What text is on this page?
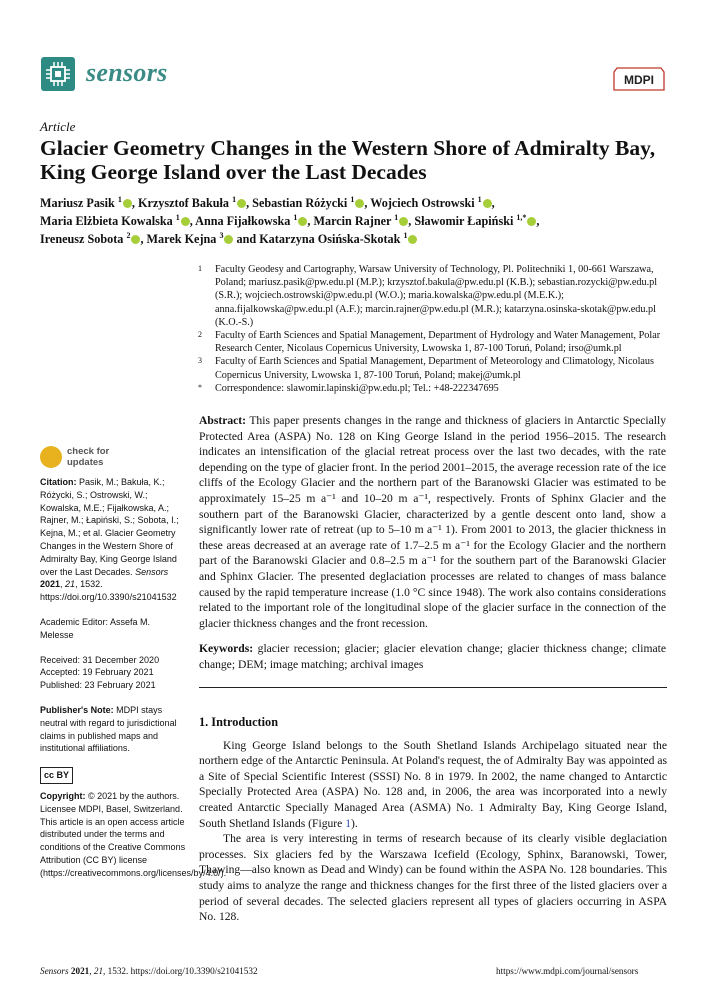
sensors	MDPI
Article
Glacier Geometry Changes in the Western Shore of Admiralty Bay, King George Island over the Last Decades
Mariusz Pasik $^1$ , Krzysztof Bakuła $^1$ , Sebastian Różycki $^1$ , Wojciech Ostrowski $^1$ ,
Maria Elżbieta Kowalska $^1$ , Anna Fijałkowska $^1$ , Marcin Rajner $^1$ , Sławomir Łapiński $^{1,*}$ ,
Ireneusz Sobota $^2$ , Marek Kejna $^3$ and Katarzyna Osińska-Skotak $^1$
1	Faculty Geodesy and Cartography, Warsaw University of Technology, Pl. Politechniki 1, 00-661 Warszawa, Poland; mariusz.pasik@pw.edu.pl (M.P.); krzysztof.bakula@pw.edu.pl (K.B.); sebastian.rozycki@pw.edu.pl (S.R.); wojciech.ostrowski@pw.edu.pl (W.O.); maria.kowalska@pw.edu.pl (M.E.K.); anna.fijalkowska@pw.edu.pl (A.F.); marcin.rajner@pw.edu.pl (M.R.); katarzyna.osinska-skotak@pw.edu.pl (K.O.-S.)
2	Faculty of Earth Sciences and Spatial Management, Department of Hydrology and Water Management, Polar Research Center, Nicolaus Copernicus University, Lwowska 1, 87-100 Toruń, Poland; irso@umk.pl
3	Faculty of Earth Sciences and Spatial Management, Department of Meteorology and Climatology, Nicolaus Copernicus University, Lwowska 1, 87-100 Toruń, Poland; makej@umk.pl
*	Correspondence: slawomir.lapinski@pw.edu.pl; Tel.: +48-222347695
Abstract: This paper presents changes in the range and thickness of glaciers in Antarctic Specially Protected Area (ASPA) No. 128 on King George Island in the period 1956–2015. The research indicates an intensification of the glacial retreat process over the last two decades, with the rate depending on the type of glacier front. In the period 2001–2015, the average recession rate of the ice cliffs of the Ecology Glacier and the northern part of the Baranowski Glacier was estimated to be approximately 15–25 m a⁻¹ and 10–20 m a⁻¹, respectively. Fronts of Sphinx Glacier and the southern part of the Baranowski Glacier, characterized by a gentle descent onto land, show a significantly lower rate of retreat (up to 5–10 m a⁻¹ 1). From 2001 to 2013, the glacier thickness in these areas decreased at an average rate of 1.7–2.5 m a⁻¹ for the Ecology Glacier and the northern part of the Baranowski Glacier and 0.8–2.5 m a⁻¹ for the southern part of the Baranowski Glacier and Sphinx Glacier. The presented deglaciation processes are related to changes of mass balance caused by the rapid temperature increase (1.0 °C since 1948). The work also contains considerations related to the important role of the longitudinal slope of the glacier surface in the connection of the glacier thickness changes and the front recession.
Keywords: glacier recession; glacier; glacier elevation change; glacier thickness change; climate change; DEM; image matching; archival images
check for
updates
Citation: Pasik, M.; Bakuła, K.; Różycki, S.; Ostrowski, W.; Kowalska, M.E.; Fijałkowska, A.; Rajner, M.; Łapiński, S.; Sobota, I.; Kejna, M.; et al. Glacier Geometry Changes in the Western Shore of Admiralty Bay, King George Island over the Last Decades. Sensors 2021, 21, 1532. https://doi.org/10.3390/s21041532
Academic Editor: Assefa M. Melesse
Received: 31 December 2020
Accepted: 19 February 2021
Published: 23 February 2021
Publisher's Note: MDPI stays neutral with regard to jurisdictional claims in published maps and institutional affiliations.
cc BY
Copyright: © 2021 by the authors. Licensee MDPI, Basel, Switzerland. This article is an open access article distributed under the terms and conditions of the Creative Commons Attribution (CC BY) license (https://creativecommons.org/licenses/by/4.0/).
1. Introduction

King George Island belongs to the South Shetland Islands Archipelago situated near the northern edge of the Antarctic Peninsula. At Poland's request, the of Admiralty Bay was appointed as a Site of Special Scientific Interest (SSSI) No. 8 in 1979. In 2002, the name changed to Antarctic Specially Protected Area (ASPA) No. 128 and, in 2006, the area was incorporated into a newly created Antarctic Specially Managed Area (ASMA) No. 1 Admiralty Bay, King George Island, South Shetland Islands (Figure 1).

The area is very interesting in terms of research because of its clearly visible deglaciation processes. Six glaciers fed by the Warszawa Icefield (Ecology, Sphinx, Baranowski, Tower, Thawing—also known as Dead and Windy) can be found within the ASPA No. 128 boundaries. This study aims to analyze the range and thickness changes for the first three of the listed glaciers over a period of several decades. The selected glaciers represent all types of glaciers occurring in ASPA No. 128.

Sensors 2021, 21, 1532. https://doi.org/10.3390/s21041532	https://www.mdpi.com/journal/sensors
